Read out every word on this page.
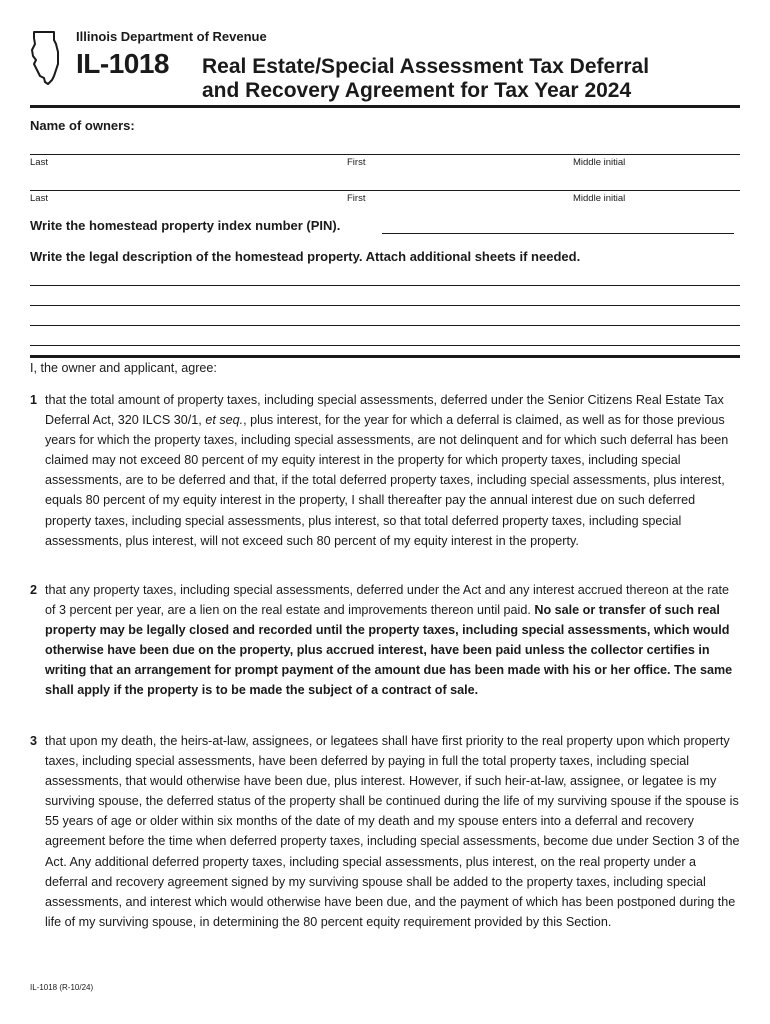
Illinois Department of Revenue
IL-1018 Real Estate/Special Assessment Tax Deferral
and Recovery Agreement for Tax Year 2024
Name of owners:
Last	First	Middle initial
Last	First	Middle initial
Write the homestead property index number (PIN).
Write the legal description of the homestead property. Attach additional sheets if needed.
I, the owner and applicant, agree:
1 that the total amount of property taxes, including special assessments, deferred under the Senior Citizens Real Estate Tax Deferral Act, 320 ILCS 30/1, et seq., plus interest, for the year for which a deferral is claimed, as well as for those previous years for which the property taxes, including special assessments, are not delinquent and for which such deferral has been claimed may not exceed 80 percent of my equity interest in the property for which property taxes, including special assessments, are to be deferred and that, if the total deferred property taxes, including special assessments, plus interest, equals 80 percent of my equity interest in the property, I shall thereafter pay the annual interest due on such deferred property taxes, including special assessments, plus interest, so that total deferred property taxes, including special assessments, plus interest, will not exceed such 80 percent of my equity interest in the property.
2 that any property taxes, including special assessments, deferred under the Act and any interest accrued thereon at the rate of 3 percent per year, are a lien on the real estate and improvements thereon until paid. No sale or transfer of such real property may be legally closed and recorded until the property taxes, including special assessments, which would otherwise have been due on the property, plus accrued interest, have been paid unless the collector certifies in writing that an arrangement for prompt payment of the amount due has been made with his or her office. The same shall apply if the property is to be made the subject of a contract of sale.
3 that upon my death, the heirs-at-law, assignees, or legatees shall have first priority to the real property upon which property taxes, including special assessments, have been deferred by paying in full the total property taxes, including special assessments, that would otherwise have been due, plus interest. However, if such heir-at-law, assignee, or legatee is my surviving spouse, the deferred status of the property shall be continued during the life of my surviving spouse if the spouse is 55 years of age or older within six months of the date of my death and my spouse enters into a deferral and recovery agreement before the time when deferred property taxes, including special assessments, become due under Section 3 of the Act. Any additional deferred property taxes, including special assessments, plus interest, on the real property under a deferral and recovery agreement signed by my surviving spouse shall be added to the property taxes, including special assessments, and interest which would otherwise have been due, and the payment of which has been postponed during the life of my surviving spouse, in determining the 80 percent equity requirement provided by this Section.
IL-1018 (R-10/24)
